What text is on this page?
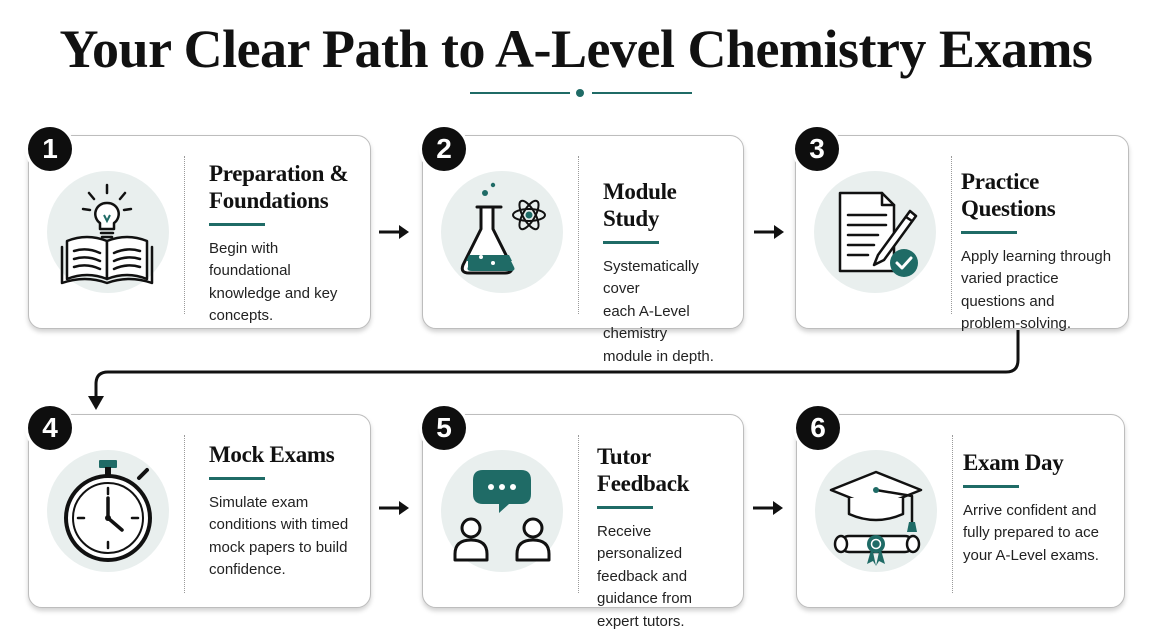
Your Clear Path to A-Level Chemistry Exams
Preparation &
Foundations
Begin with foundational
knowledge and key
concepts.
1
Module Study
Systematically cover
each A-Level chemistry
module in depth.
2
Practice Questions
Apply learning through
varied practice
questions and
problem-solving.
3
Mock Exams
Simulate exam
conditions with timed
mock papers to build
confidence.
4
Tutor Feedback
Receive personalized
feedback and
guidance from
expert tutors.
5
Exam Day
Arrive confident and
fully prepared to ace
your A-Level exams.
6
